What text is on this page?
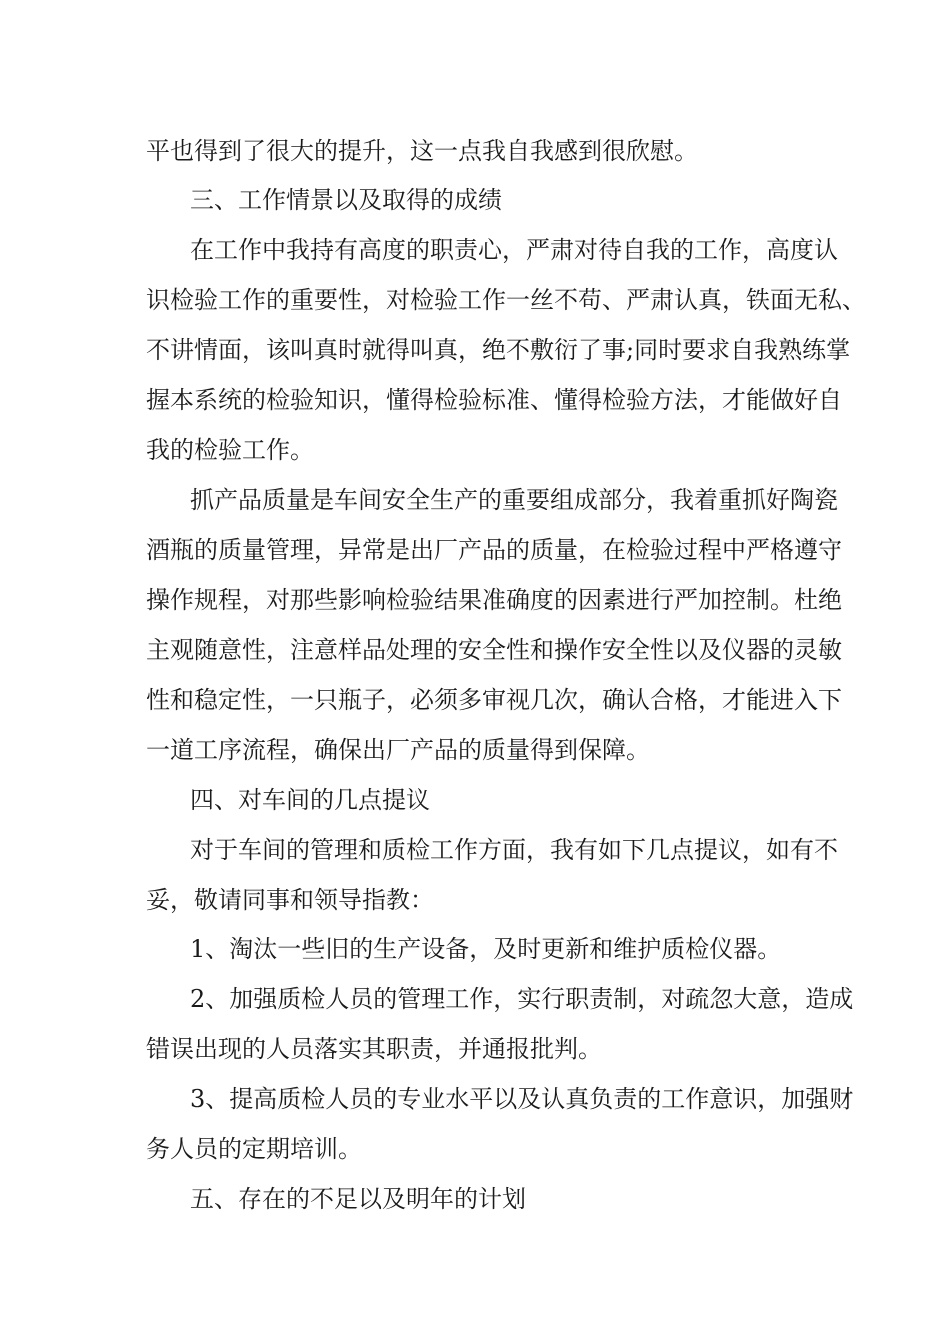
平也得到了很大的提升，这一点我自我感到很欣慰。
三、工作情景以及取得的成绩
在工作中我持有高度的职责心，严肃对待自我的工作，高度认
识检验工作的重要性，对检验工作一丝不苟、严肃认真，铁面无私、
不讲情面，该叫真时就得叫真，绝不敷衍了事;同时要求自我熟练掌
握本系统的检验知识，懂得检验标准、懂得检验方法，才能做好自
我的检验工作。
抓产品质量是车间安全生产的重要组成部分，我着重抓好陶瓷
酒瓶的质量管理，异常是出厂产品的质量，在检验过程中严格遵守
操作规程，对那些影响检验结果准确度的因素进行严加控制。杜绝
主观随意性，注意样品处理的安全性和操作安全性以及仪器的灵敏
性和稳定性，一只瓶子，必须多审视几次，确认合格，才能进入下
一道工序流程，确保出厂产品的质量得到保障。
四、对车间的几点提议
对于车间的管理和质检工作方面，我有如下几点提议，如有不
妥，敬请同事和领导指教：
1、淘汰一些旧的生产设备，及时更新和维护质检仪器。
2、加强质检人员的管理工作，实行职责制，对疏忽大意，造成
错误出现的人员落实其职责，并通报批判。
3、提高质检人员的专业水平以及认真负责的工作意识，加强财
务人员的定期培训。
五、存在的不足以及明年的计划
